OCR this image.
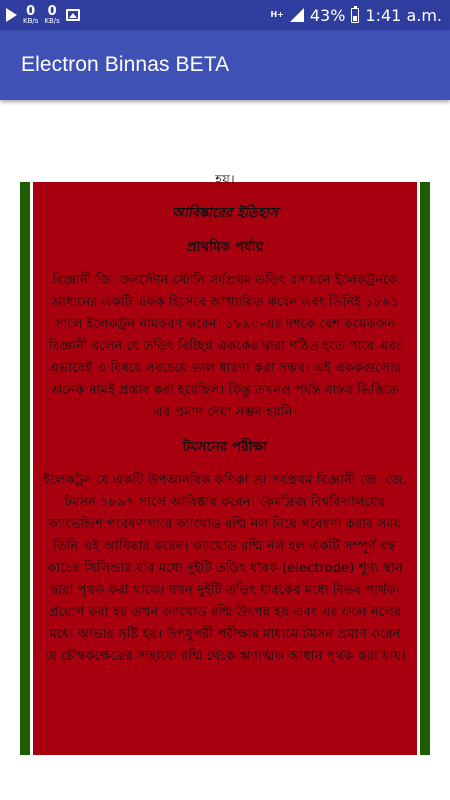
0
KB/s
0
KB/s
H+ 43% 1:41 a.m.
Electron Binnas BETA
হয়।
আবিষ্কারের ইতিহাস
প্রাথমিক পর্যায়
বিজ্ঞানী জি. জনস্টোন স্টোনি সর্বপ্রথম তড়িৎ রসায়নে ইলেকট্রনকে আধানের একটি একক হিসেবে আখ্যায়িত করেন এবং তিনিই ১৮৯১ সালে ইলেকট্রন নামকরণ করেন। ১৮৯০-এর দশকে বেশ কয়েকজন বিজ্ঞানী বলেন যে তড়িৎ বিচ্ছিন্ন এককের দ্বারা গঠিত হতে পারে এবং এভাবেই এ বিষয়ে সবচেয়ে ভাল ধারণা করা সম্ভব। এই এককগুলোর অনেক নামই প্রস্তাব করা হয়েছিল। কিন্তু তখনও পর্যন্ত বাস্তব ভিত্তিতে এর প্রমাণ দেয়া সম্ভব হয়নি।
টমসনের পরীক্ষা
ইলেকট্রন যে একটি উপআনবিক কণিকা তা সর্বপ্রথম বিজ্ঞানী জে. জে. টমসন ১৮৯৭ সালে আবিষ্কার করেন। কেমব্রিজ বিশ্ববিদ্যালয়ের ক্যাভেন্ডিশ গবেষণাগারে ক্যাথোড রশ্মি নল নিয়ে গবেষণা করার সময় তিনি এই আবিষ্কার করেন। ক্যাথোড রশ্মি নল হল একটি সম্পূর্ণ বদ্ধ কাচের সিলিন্ডার যার মধ্যে দুইটি তড়িৎ ধারক (electrode) শূণ্য স্থান দ্বারা পৃথক করা থাকে। যখন দুইটি তড়িৎ ধারকের মধ্যে বিভব পার্থক্য প্রয়োগ করা হয় তখন ক্যাথোড রশ্মি উৎপন্ন হয় এবং এর ফলে নলের মধ্যে আভার সৃষ্টি হয়। উপর্যুপরী পরীক্ষার মাধ্যমে টমসন প্রমাণ করেন যে চৌম্বকক্ষেত্রের সাহায্যে রশ্মি থেকে ঋণাত্মক আধান পৃথক করা যায়।
